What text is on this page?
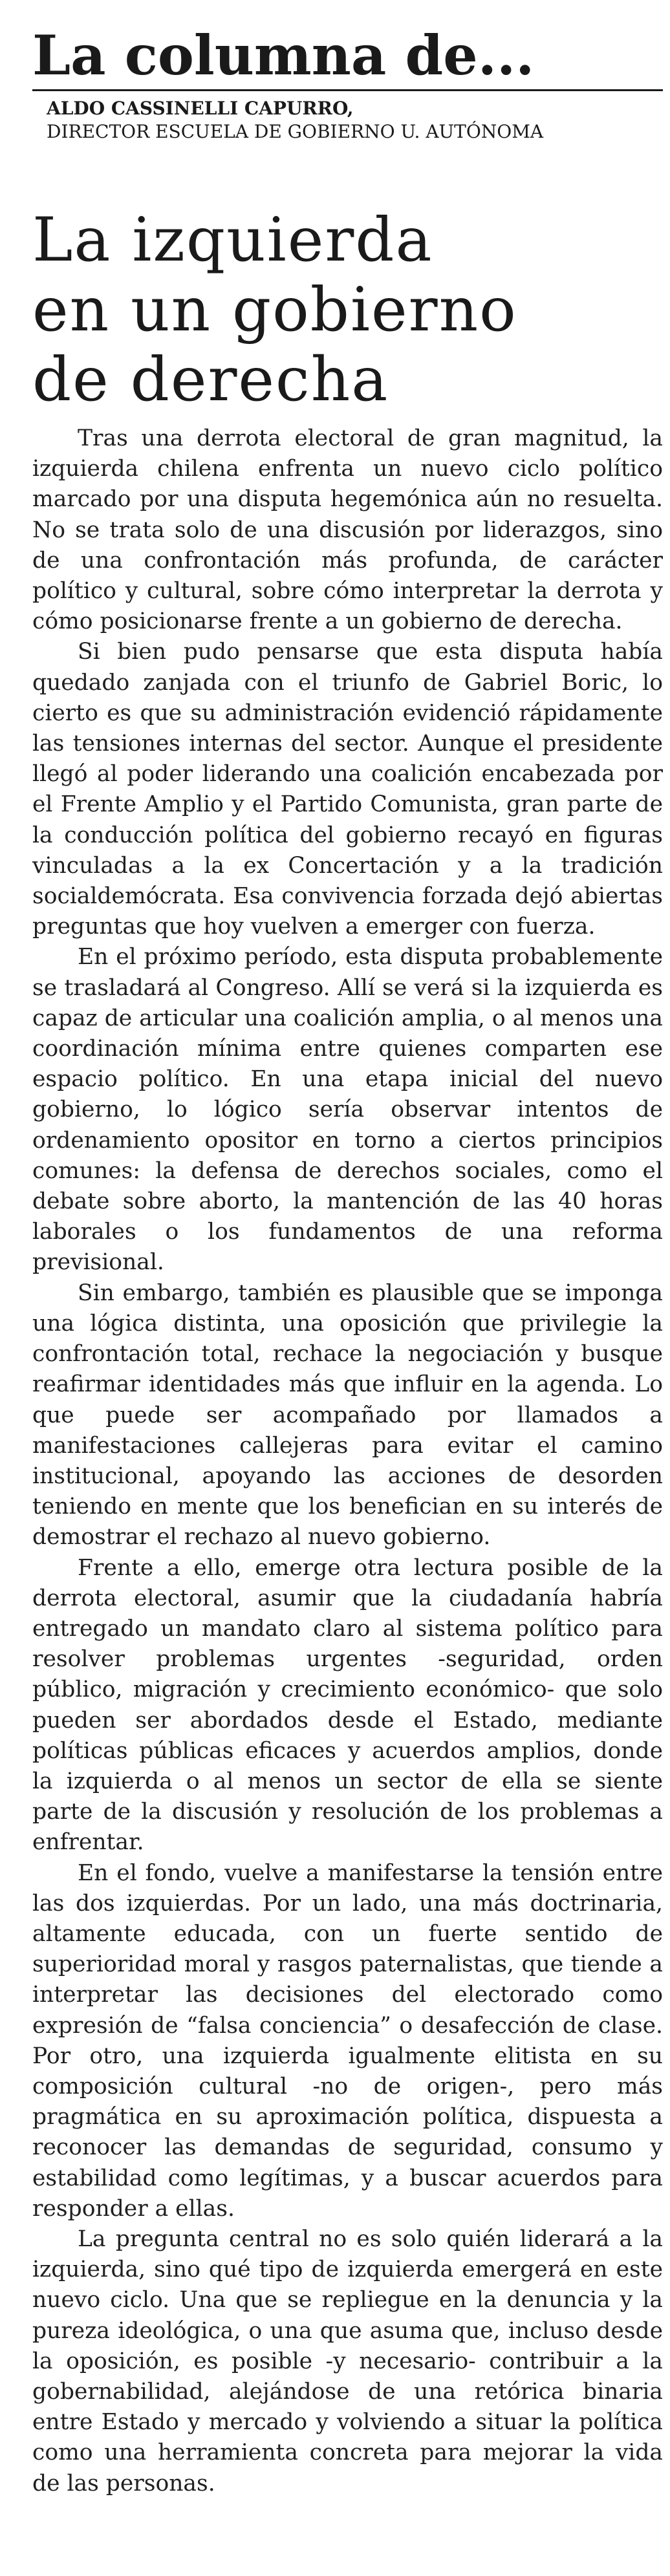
La columna de...
ALDO CASSINELLI CAPURRO,
DIRECTOR ESCUELA DE GOBIERNO U. AUTÓNOMA
La izquierda
en un gobierno
de derecha

Tras una derrota electoral de gran magnitud, la izquierda chilena enfrenta un nuevo ciclo político marcado por una disputa hegemónica aún no resuelta. No se trata solo de una discusión por liderazgos, sino de una confrontación más profunda, de carácter político y cultural, sobre cómo interpretar la derrota y cómo posicionarse frente a un gobierno de derecha.

Si bien pudo pensarse que esta disputa había quedado zanjada con el triunfo de Gabriel Boric, lo cierto es que su administración evidenció rápidamente las tensiones internas del sector. Aunque el presidente llegó al poder liderando una coalición encabezada por el Frente Amplio y el Partido Comunista, gran parte de la conducción política del gobierno recayó en figuras vinculadas a la ex Concertación y a la tradición socialdemócrata. Esa convivencia forzada dejó abiertas preguntas que hoy vuelven a emerger con fuerza.

En el próximo período, esta disputa probablemente se trasladará al Congreso. Allí se verá si la izquierda es capaz de articular una coalición amplia, o al menos una coordinación mínima entre quienes comparten ese espacio político. En una etapa inicial del nuevo gobierno, lo lógico sería observar intentos de ordenamiento opositor en torno a ciertos principios comunes: la defensa de derechos sociales, como el debate sobre aborto, la mantención de las 40 horas laborales o los fundamentos de una reforma previsional.

Sin embargo, también es plausible que se imponga una lógica distinta, una oposición que privilegie la confrontación total, rechace la negociación y busque reafirmar identidades más que influir en la agenda. Lo que puede ser acompañado por llamados a manifestaciones callejeras para evitar el camino institucional, apoyando las acciones de desorden teniendo en mente que los benefician en su interés de demostrar el rechazo al nuevo gobierno.

Frente a ello, emerge otra lectura posible de la derrota electoral, asumir que la ciudadanía habría entregado un mandato claro al sistema político para resolver problemas urgentes -seguridad, orden público, migración y crecimiento económico- que solo pueden ser abordados desde el Estado, mediante políticas públicas eficaces y acuerdos amplios, donde la izquierda o al menos un sector de ella se siente parte de la discusión y resolución de los problemas a enfrentar.

En el fondo, vuelve a manifestarse la tensión entre las dos izquierdas. Por un lado, una más doctrinaria, altamente educada, con un fuerte sentido de superioridad moral y rasgos paternalistas, que tiende a interpretar las decisiones del electorado como expresión de “falsa conciencia” o desafección de clase. Por otro, una izquierda igualmente elitista en su composición cultural -no de origen-, pero más pragmática en su aproximación política, dispuesta a reconocer las demandas de seguridad, consumo y estabilidad como legítimas, y a buscar acuerdos para responder a ellas.

La pregunta central no es solo quién liderará a la izquierda, sino qué tipo de izquierda emergerá en este nuevo ciclo. Una que se repliegue en la denuncia y la pureza ideológica, o una que asuma que, incluso desde la oposición, es posible -y necesario- contribuir a la gobernabilidad, alejándose de una retórica binaria entre Estado y mercado y volviendo a situar la política como una herramienta concreta para mejorar la vida de las personas.
